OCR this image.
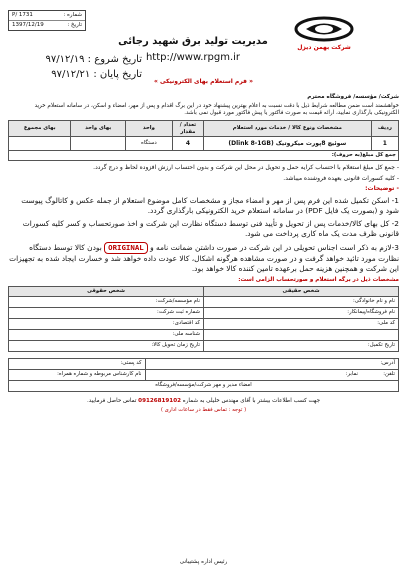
شماره :
P/ 1731
تاریخ :
1397/12/19
شرکت بهمن دیزل
مدیریت تولید برق شهید رجائی
http://www.rpgm.ir
تاریخ شروع : ۹۷/۱۲/۱۹
تاریخ پایان : ۹۷/۱۲/۲۱
« فرم استعلام بهای الکترونیکی »
شرکت/ مؤسسه/ فروشگاه محترم
خواهشمند است ضمن مطالعه شرایط ذیل با دقت نسبت به اعلام بهترین پیشنهاد خود در این برگ اقدام و پس از مهر، امضاء و اسکن، در سامانه استعلام خرید الکترونیکی بارگذاری نمایید، ارائه قیمت به صورت فاکتور یا پیش فاکتور مورد قبول نمی باشد.
ردیف	مشخصات ونوع کالا / خدمات مورد استعلام	تعداد / مقدار	واحد	بهای واحد	بهای مجموع
1	سوئیچ 8پورت میکروتیک (Dlink 8-1GB)	4	دستگاه		
جمع کل مبلغ(به حروف):					

- جمع کل مبلغ استعلام با احتساب کرایه حمل و تحویل در محل این شرکت و بدون احتساب ارزش افزوده لحاظ و درج گردد.

- کلیه کسورات قانونی بعهده فروشنده میباشد.

- توضیحات:

1- اسکن تکمیل شده این فرم پس از مهر و امضاء مجاز و مشخصات کامل موضوع استعلام از جمله عکس و کاتالوگ پیوست شود و (بصورت یک فایل PDF) در سامانه استعلام خرید الکترونیکی بارگذاری گردد.

2- کل بهای کالا/خدمات پس از تحویل و تأیید فنی توسط دستگاه نظارت این شرکت و اخذ صورتحساب و کسر کلیه کسورات قانونی ظرف مدت یک ماه کاری پرداخت می شود.

3-لازم به ذکر است اجناس تحویلی در این شرکت در صورت داشتن ضمانت نامه و ORIGINAL بودن کالا توسط دستگاه نظارت مورد تائید خواهد گرفت و در صورت مشاهده هرگونه اشکال، کالا عودت داده خواهد شد و خسارت ایجاد شده به تجهیزات این شرکت و همچنین هزینه حمل برعهده تامین کننده کالا خواهد بود.

مشخصات ذیل در برگه استعلام و صورتحساب الزامی است:
شخص حقیقی	شخص حقوقی
نام و نام خانوادگی:	نام مؤسسه/شرکت:
نام فروشگاه/پیمانکار:	شماره ثبت شرکت:
کد ملی:	کد اقتصادی:
	شناسه ملی:
تاریخ تکمیل:	تاریخ زمان تحویل کالا:
آدرس:	کد پستی:
تلفن:               نمابر:	نام کارشناس مربوطه و شماره همراه:
امضاء مدیر و مهر شرکت/مؤسسه/فروشگاه	
جهت کسب اطلاعات بیشتر با آقای مهندس خلیلی به شماره 09126819102 تماس حاصل فرمایید.
( توجه : تماس فقط در ساعات اداری )
رئیس اداره پشتیبانی
